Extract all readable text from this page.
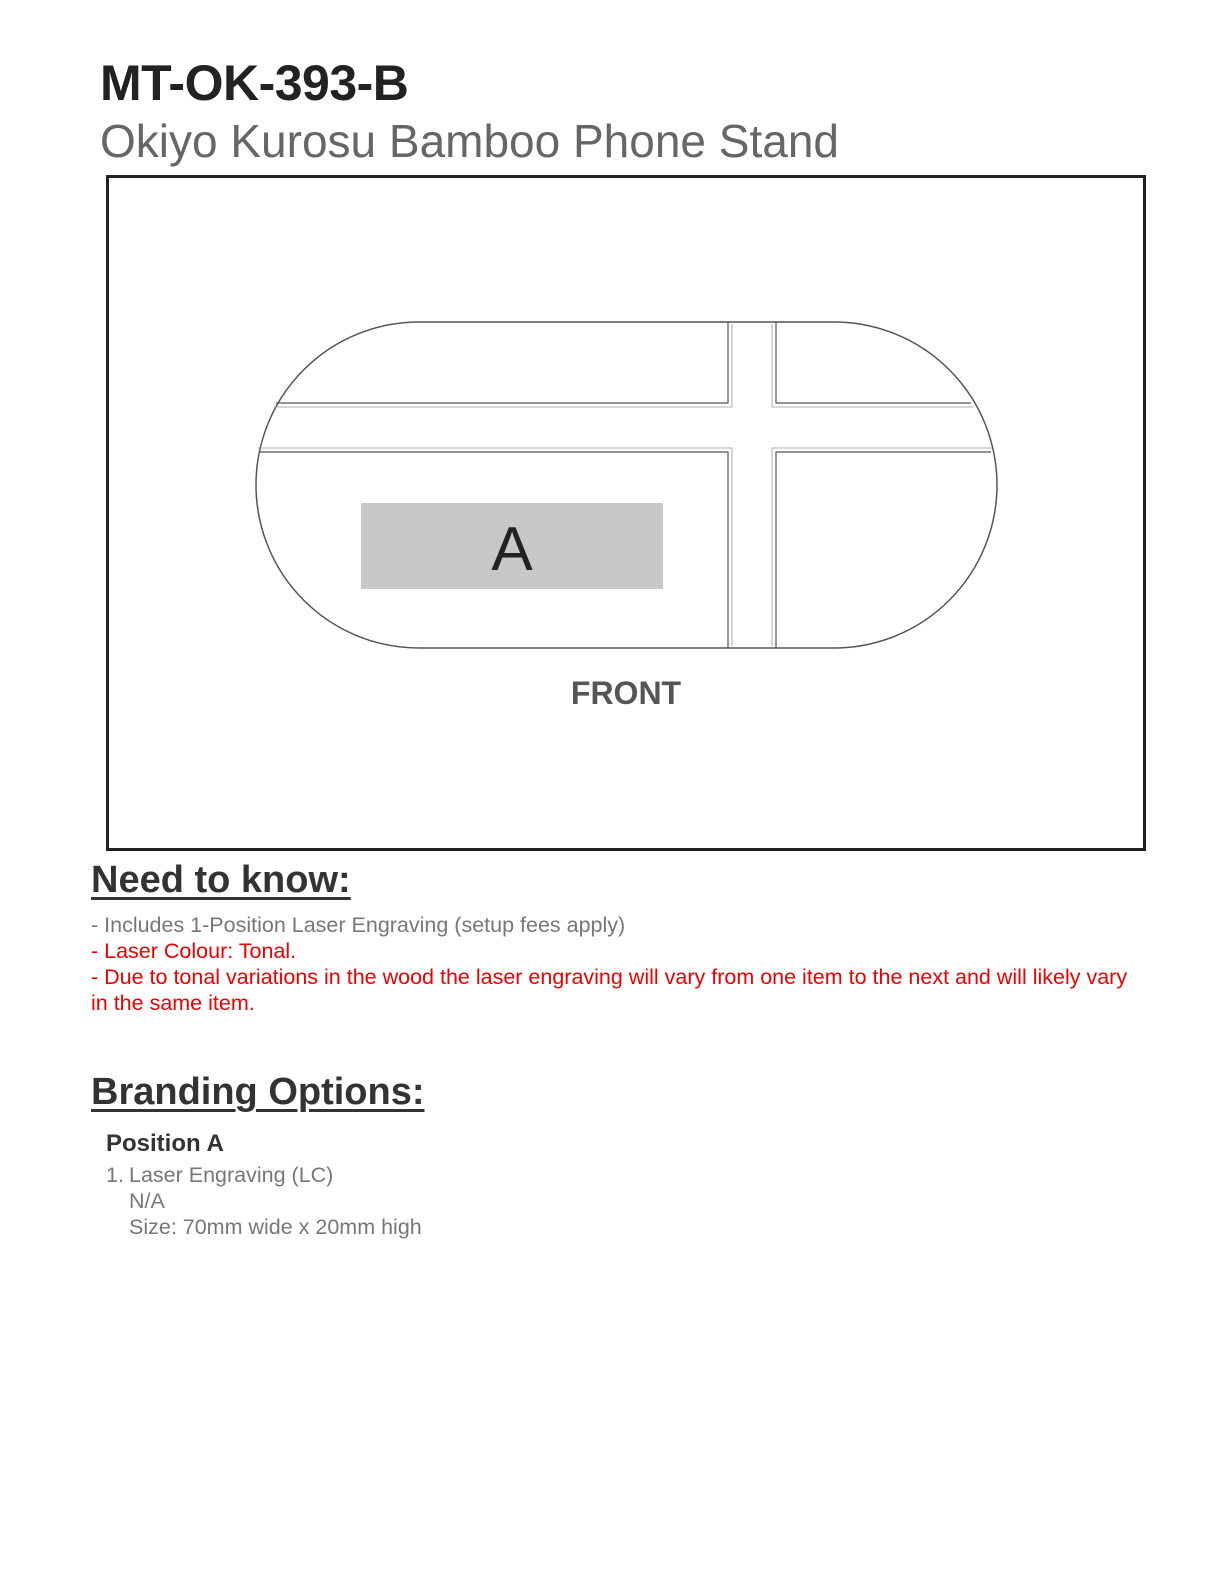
MT-OK-393-B
Okiyo Kurosu Bamboo Phone Stand
A
FRONT
Need to know:
- Includes 1-Position Laser Engraving (setup fees apply)
- Laser Colour: Tonal.
- Due to tonal variations in the wood the laser engraving will vary from one item to the next and will likely vary in the same item.
Branding Options:
Position A
1. Laser Engraving (LC)
N/A
Size: 70mm wide x 20mm high
